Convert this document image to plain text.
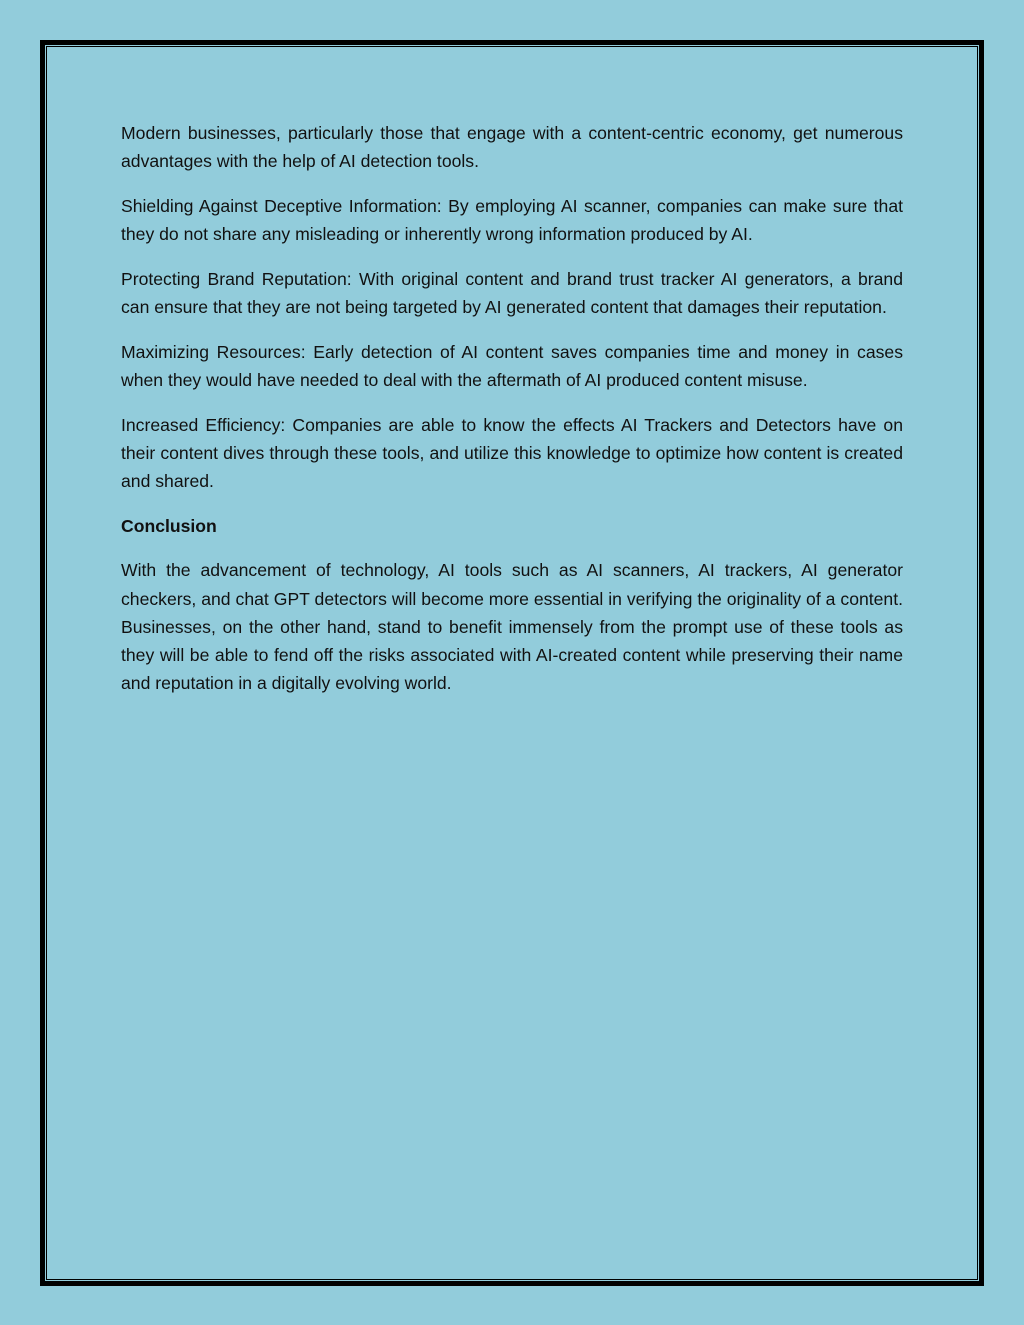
Modern businesses, particularly those that engage with a content-centric economy, get numerous advantages with the help of AI detection tools.

Shielding Against Deceptive Information: By employing AI scanner, companies can make sure that they do not share any misleading or inherently wrong information produced by AI.

Protecting Brand Reputation: With original content and brand trust tracker AI generators, a brand can ensure that they are not being targeted by AI generated content that damages their reputation.

Maximizing Resources: Early detection of AI content saves companies time and money in cases when they would have needed to deal with the aftermath of AI produced content misuse.

Increased Efficiency: Companies are able to know the effects AI Trackers and Detectors have on their content dives through these tools, and utilize this knowledge to optimize how content is created and shared.

Conclusion

With the advancement of technology, AI tools such as AI scanners, AI trackers, AI generator checkers, and chat GPT detectors will become more essential in verifying the originality of a content. Businesses, on the other hand, stand to benefit immensely from the prompt use of these tools as they will be able to fend off the risks associated with AI-created content while preserving their name and reputation in a digitally evolving world.
